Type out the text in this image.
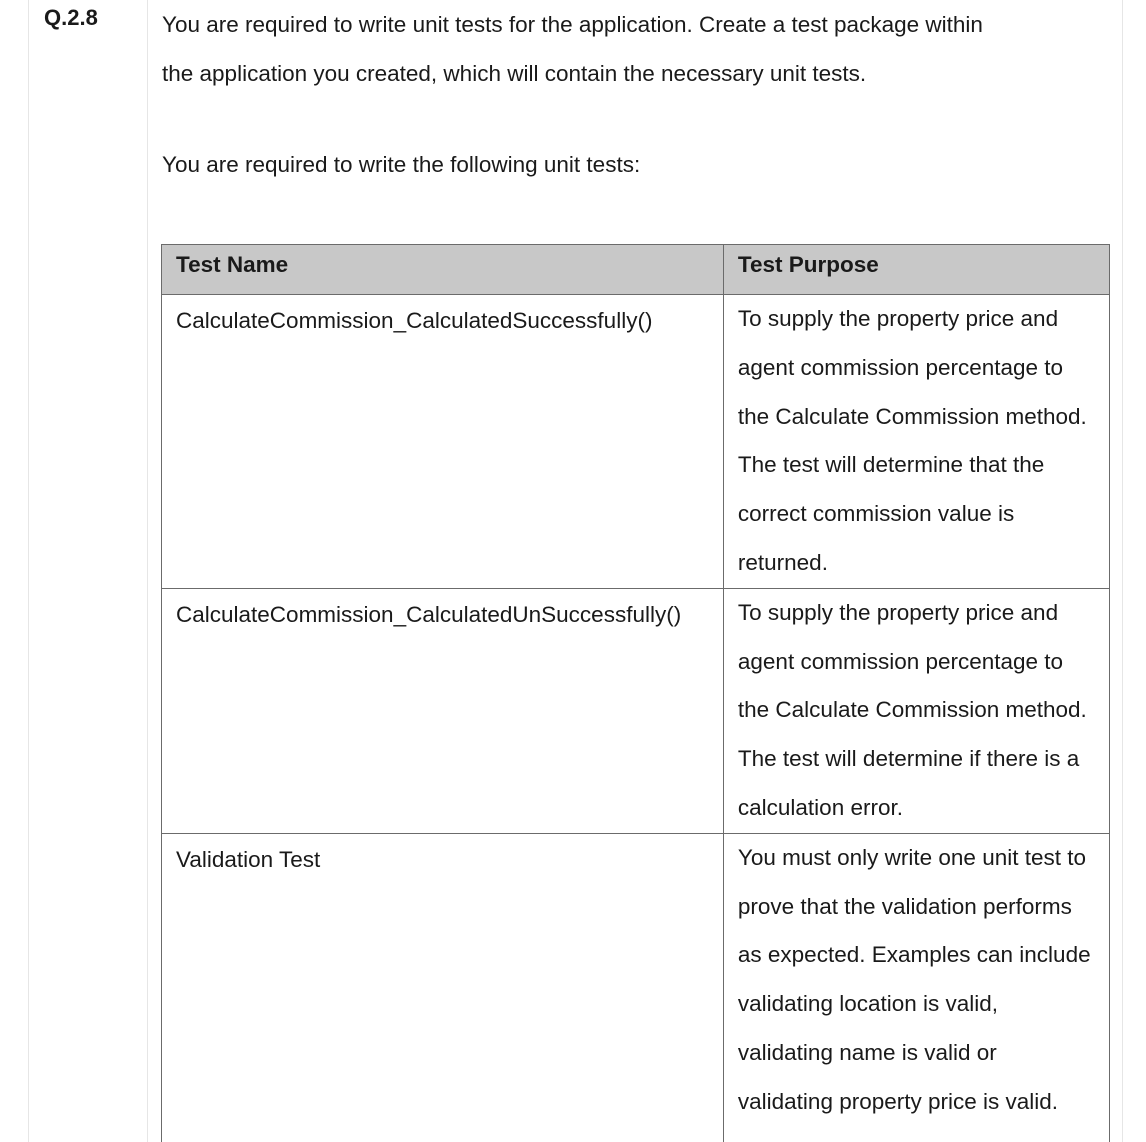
Q.2.8	You are required to write unit tests for the application. Create a test package within

the application you created, which will contain the necessary unit tests.

You are required to write the following unit tests:

Test Name	Test Purpose
CalculateCommission_CalculatedSuccessfully()	To supply the property price and agent commission percentage to the Calculate Commission method. The test will determine that the correct commission value is returned.
CalculateCommission_CalculatedUnSuccessfully()	To supply the property price and agent commission percentage to the Calculate Commission method. The test will determine if there is a calculation error.
Validation Test	You must only write one unit test to prove that the validation performs as expected. Examples can include validating location is valid, validating name is valid or validating property price is valid.
